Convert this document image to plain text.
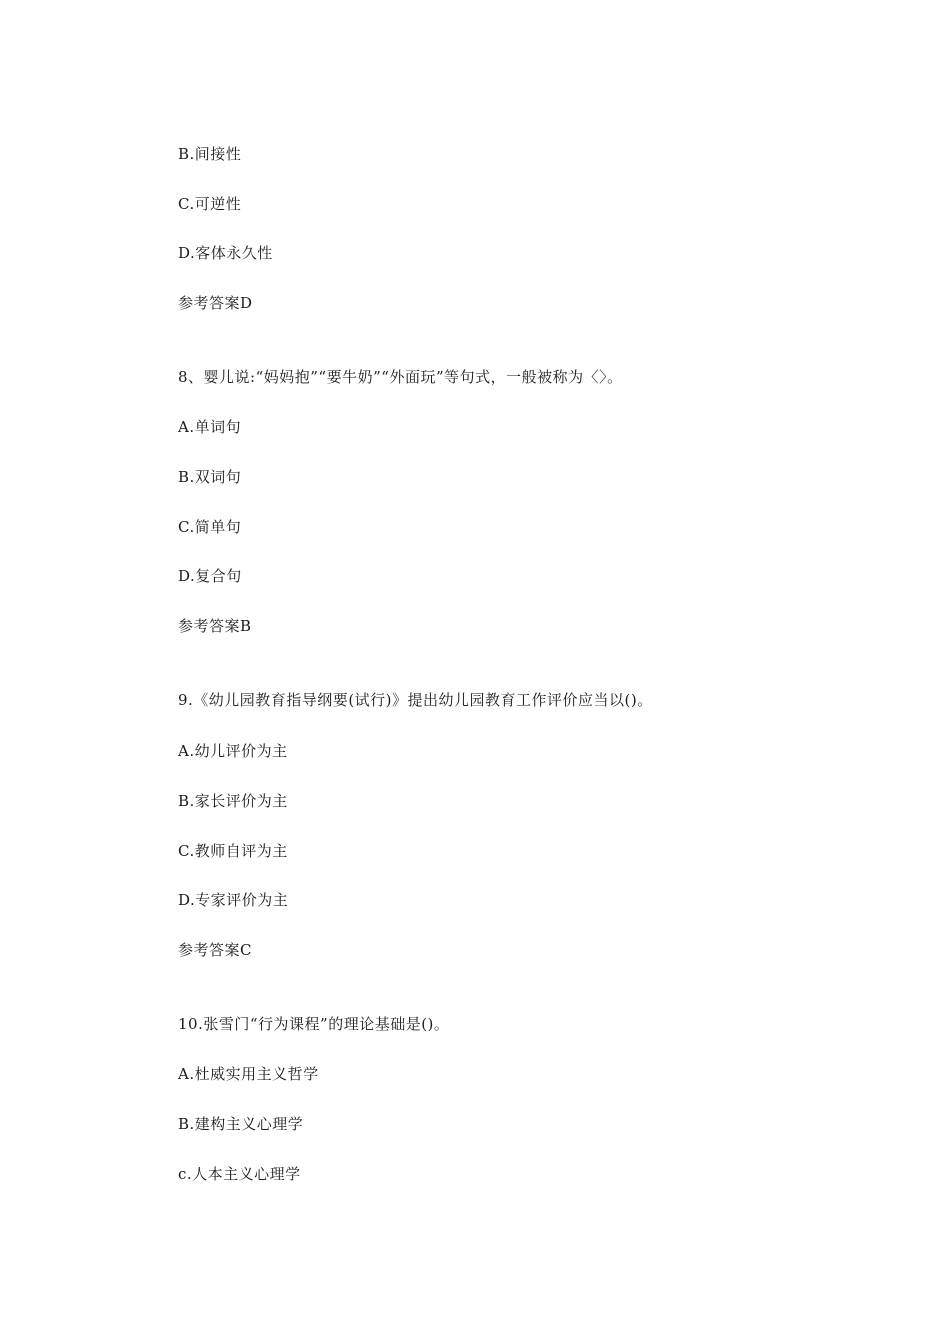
B.间接性
C.可逆性
D.客体永久性
参考答案D
8、婴儿说:“妈妈抱”“要牛奶”“外面玩”等句式，一般被称为〈〉。
A.单词句
B.双词句
C.简单句
D.复合句
参考答案B
9.《幼儿园教育指导纲要(试行)》提出幼儿园教育工作评价应当以()。
A.幼儿评价为主
B.家长评价为主
C.教师自评为主
D.专家评价为主
参考答案C
10.张雪门“行为课程”的理论基础是()。
A.杜威实用主义哲学
B.建构主义心理学
c.人本主义心理学
